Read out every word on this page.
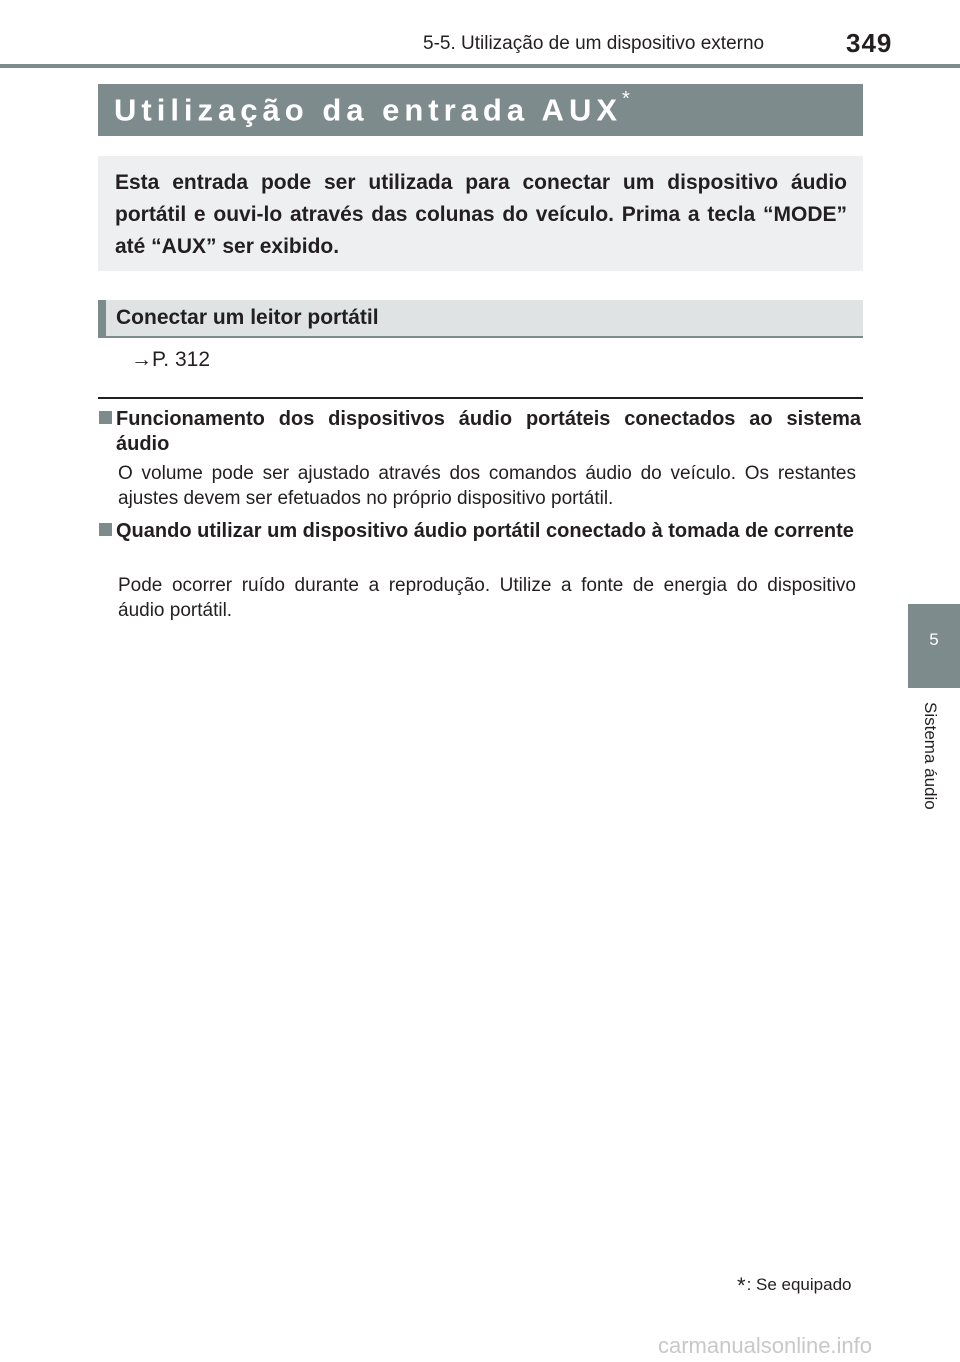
5-5. Utilização de um dispositivo externo	349
5
Sistema áudio
Utilização da entrada AUX*
Esta entrada pode ser utilizada para conectar um dispositivo áudio portátil e ouvi-lo através das colunas do veículo. Prima a tecla “MODE” até “AUX” ser exibido.
Conectar um leitor portátil
→P. 312
Funcionamento dos dispositivos áudio portáteis conectados ao sistema áudio
O volume pode ser ajustado através dos comandos áudio do veículo. Os restantes ajustes devem ser efetuados no próprio dispositivo portátil.
Quando utilizar um dispositivo áudio portátil conectado à tomada de corrente
Pode ocorrer ruído durante a reprodução. Utilize a fonte de energia do dispositivo áudio portátil.
*: Se equipado
carmanualsonline.info
